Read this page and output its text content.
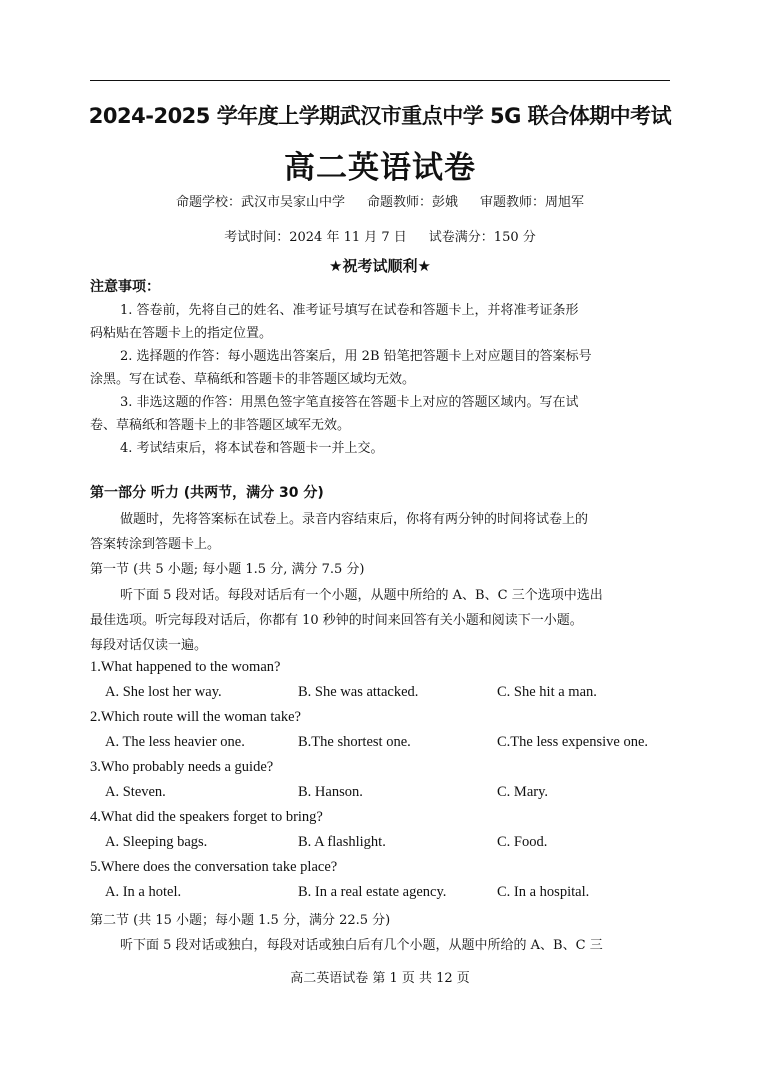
2024-2025 学年度上学期武汉市重点中学 5G 联合体期中考试
高二英语试卷
命题学校：武汉市吴家山中学 命题教师：彭娥 审题教师：周旭军
考试时间：2024 年 11 月 7 日 试卷满分：150 分
★祝考试顺利★
注意事项：
1. 答卷前，先将自己的姓名、准考证号填写在试卷和答题卡上，并将准考证条形
码粘贴在答题卡上的指定位置。
2. 选择题的作答：每小题选出答案后，用 2B 铅笔把答题卡上对应题目的答案标号
涂黑。写在试卷、草稿纸和答题卡的非答题区域均无效。
3. 非选这题的作答：用黑色签字笔直接答在答题卡上对应的答题区域内。写在试
卷、草稿纸和答题卡上的非答题区域军无效。
4. 考试结束后，将本试卷和答题卡一并上交。
第一部分 听力 (共两节，满分 30 分)
做题时，先将答案标在试卷上。录音内容结束后，你将有两分钟的时间将试卷上的
答案转涂到答题卡上。
第一节 (共 5 小题; 每小题 1.5 分, 满分 7.5 分)
听下面 5 段对话。每段对话后有一个小题，从题中所给的 A、B、C 三个选项中选出
最佳选项。听完每段对话后，你都有 10 秒钟的时间来回答有关小题和阅读下一小题。
每段对话仅读一遍。
1.What happened to the woman?
A. She lost her way.	B. She was attacked.	C. She hit a man.
2.Which route will the woman take?
A. The less heavier one.	B.The shortest one.	C.The less expensive one.
3.Who probably needs a guide?
A. Steven.	B. Hanson.	C. Mary.
4.What did the speakers forget to bring?
A. Sleeping bags.	B. A flashlight.	C. Food.
5.Where does the conversation take place?
A. In a hotel.	B. In a real estate agency.	C. In a hospital.
第二节 (共 15 小题；每小题 1.5 分，满分 22.5 分)
听下面 5 段对话或独白，每段对话或独白后有几个小题，从题中所给的 A、B、C 三
高二英语试卷 第 1 页 共 12 页
